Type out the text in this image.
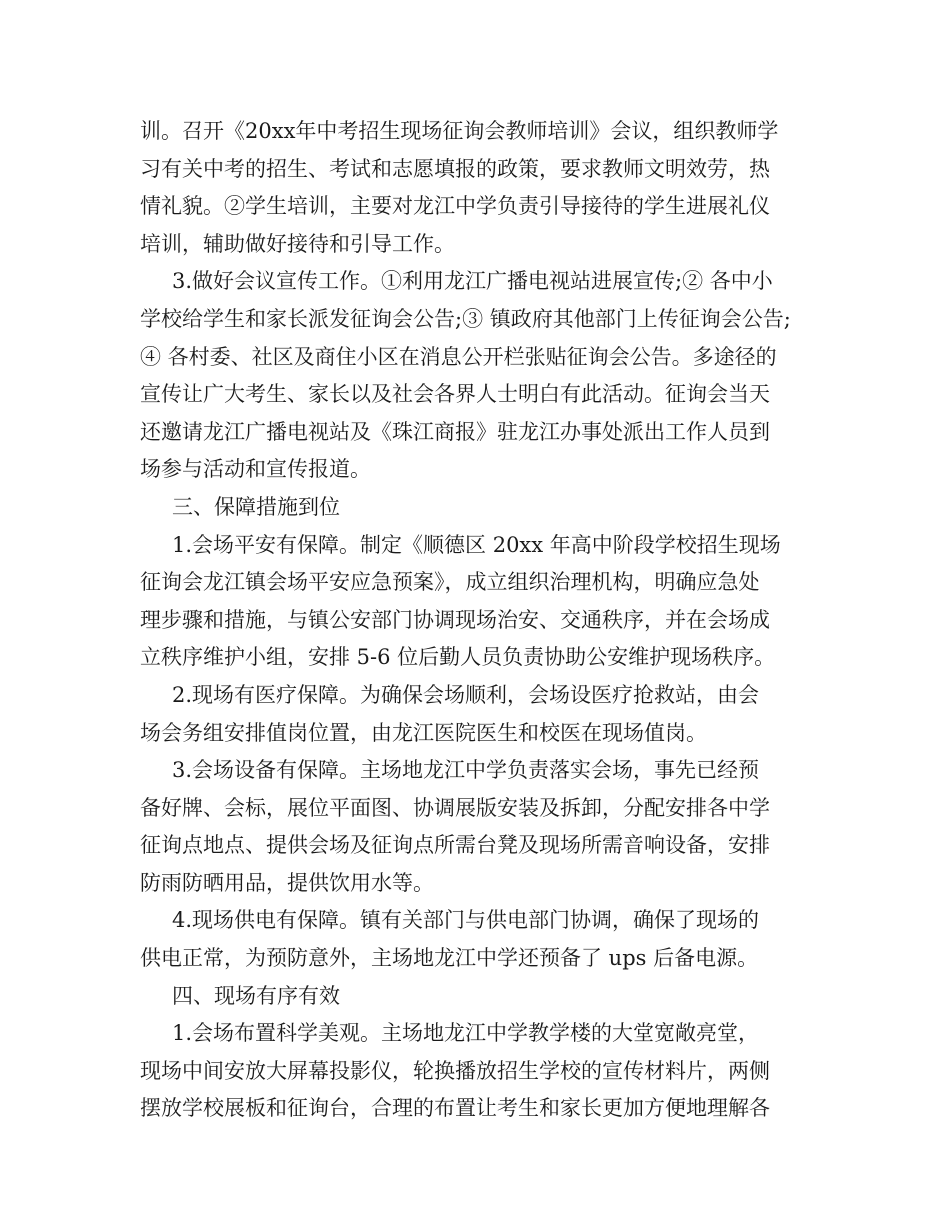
训。召开《20xx年中考招生现场征询会教师培训》会议，组织教师学
习有关中考的招生、考试和志愿填报的政策，要求教师文明效劳，热
情礼貌。②学生培训，主要对龙江中学负责引导接待的学生进展礼仪
培训，辅助做好接待和引导工作。
3.做好会议宣传工作。①利用龙江广播电视站进展宣传;② 各中小
学校给学生和家长派发征询会公告;③ 镇政府其他部门上传征询会公告;
④ 各村委、社区及商住小区在消息公开栏张贴征询会公告。多途径的
宣传让广大考生、家长以及社会各界人士明白有此活动。征询会当天
还邀请龙江广播电视站及《珠江商报》驻龙江办事处派出工作人员到
场参与活动和宣传报道。
三、保障措施到位
1.会场平安有保障。制定《顺德区 20xx 年高中阶段学校招生现场
征询会龙江镇会场平安应急预案》，成立组织治理机构，明确应急处
理步骤和措施，与镇公安部门协调现场治安、交通秩序，并在会场成
立秩序维护小组，安排 5-6 位后勤人员负责协助公安维护现场秩序。
2.现场有医疗保障。为确保会场顺利，会场设医疗抢救站，由会
场会务组安排值岗位置，由龙江医院医生和校医在现场值岗。
3.会场设备有保障。主场地龙江中学负责落实会场，事先已经预
备好牌、会标，展位平面图、协调展版安装及拆卸，分配安排各中学
征询点地点、提供会场及征询点所需台凳及现场所需音响设备，安排
防雨防晒用品，提供饮用水等。
4.现场供电有保障。镇有关部门与供电部门协调，确保了现场的
供电正常，为预防意外，主场地龙江中学还预备了 ups 后备电源。
四、现场有序有效
1.会场布置科学美观。主场地龙江中学教学楼的大堂宽敞亮堂，
现场中间安放大屏幕投影仪，轮换播放招生学校的宣传材料片，两侧
摆放学校展板和征询台，合理的布置让考生和家长更加方便地理解各
